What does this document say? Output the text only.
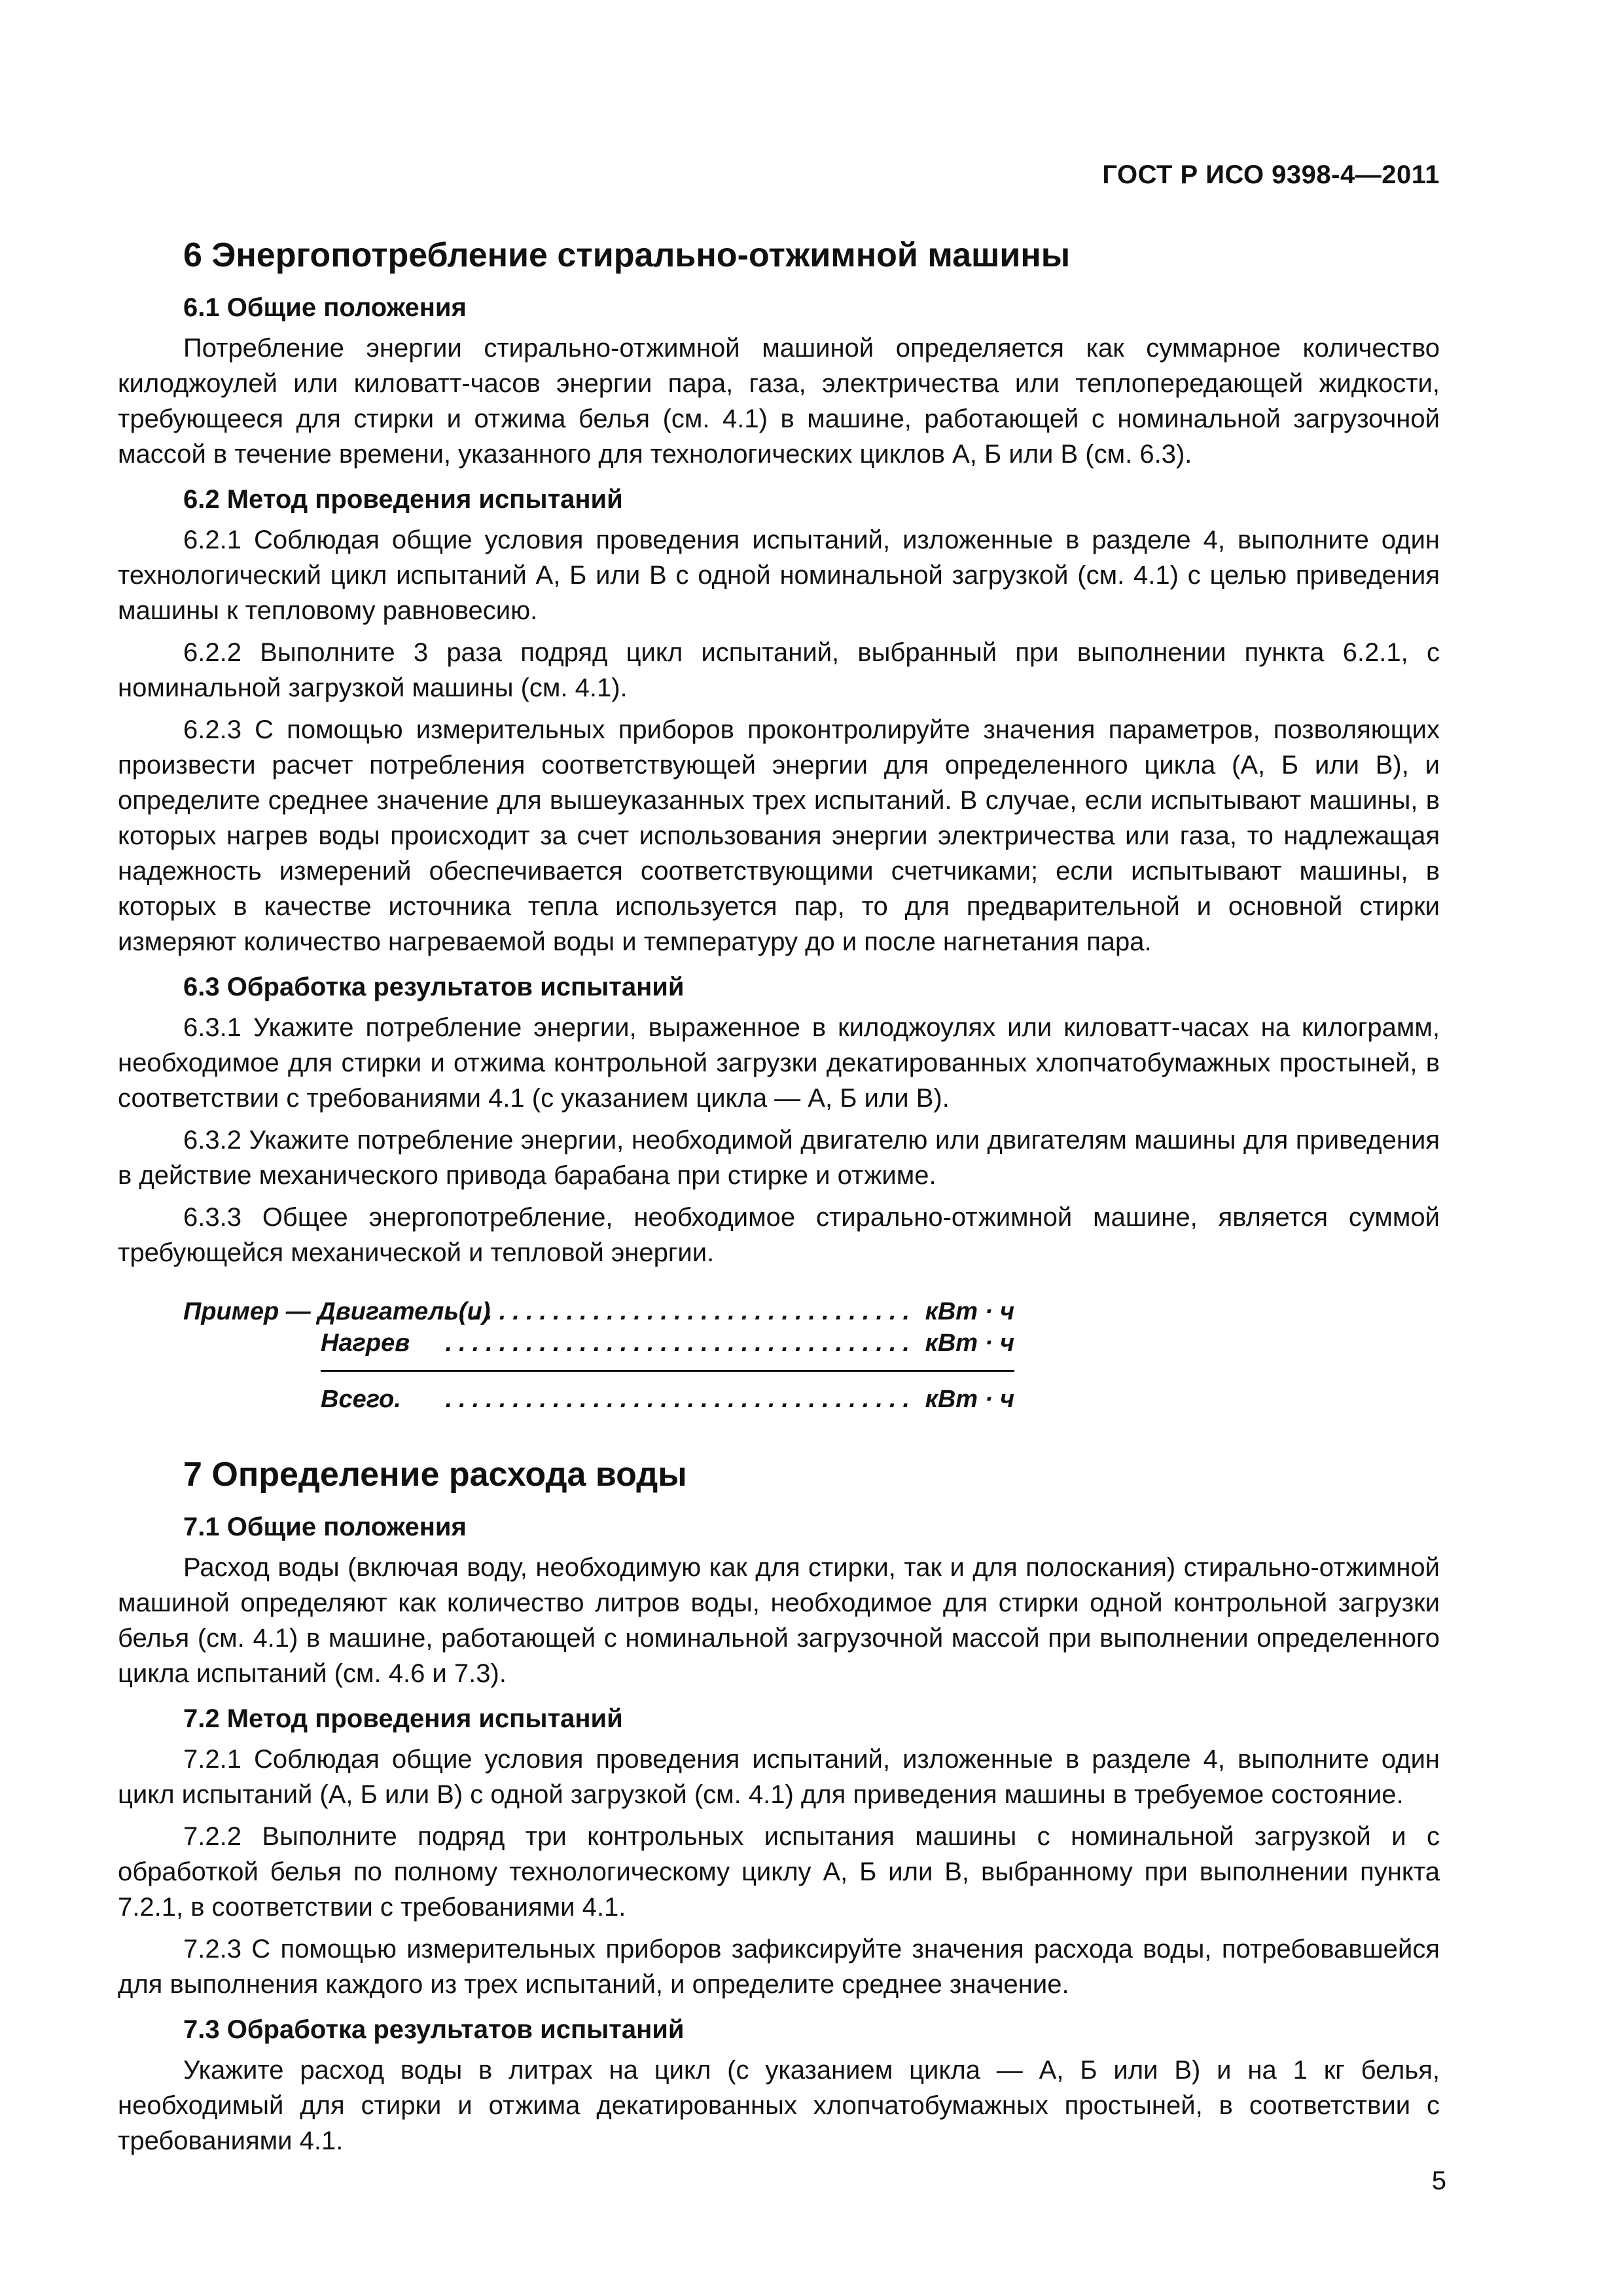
ГОСТ Р ИСО 9398-4—2011
6 Энергопотребление стирально-отжимной машины
6.1 Общие положения

Потребление энергии стирально-отжимной машиной определяется как суммарное количество килоджоулей или киловатт-часов энергии пара, газа, электричества или теплопередающей жидкости, требующееся для стирки и отжима белья (см. 4.1) в машине, работающей с номинальной загрузочной массой в течение времени, указанного для технологических циклов А, Б или В (см. 6.3).

6.2 Метод проведения испытаний

6.2.1 Соблюдая общие условия проведения испытаний, изложенные в разделе 4, выполните один технологический цикл испытаний А, Б или В с одной номинальной загрузкой (см. 4.1) с целью приведения машины к тепловому равновесию.

6.2.2 Выполните 3 раза подряд цикл испытаний, выбранный при выполнении пункта 6.2.1, с номинальной загрузкой машины (см. 4.1).

6.2.3 С помощью измерительных приборов проконтролируйте значения параметров, позволяющих произвести расчет потребления соответствующей энергии для определенного цикла (А, Б или В), и определите среднее значение для вышеуказанных трех испытаний. В случае, если испытывают машины, в которых нагрев воды происходит за счет использования энергии электричества или газа, то надлежащая надежность измерений обеспечивается соответствующими счетчиками; если испытывают машины, в которых в качестве источника тепла используется пар, то для предварительной и основной стирки измеряют количество нагреваемой воды и температуру до и после нагнетания пара.

6.3 Обработка результатов испытаний

6.3.1 Укажите потребление энергии, выраженное в килоджоулях или киловатт-часах на килограмм, необходимое для стирки и отжима контрольной загрузки декатированных хлопчатобумажных простыней, в соответствии с требованиями 4.1 (с указанием цикла — А, Б или В).

6.3.2 Укажите потребление энергии, необходимой двигателю или двигателям машины для приведения в действие механического привода барабана при стирке и отжиме.

6.3.3 Общее энергопотребление, необходимое стирально-отжимной машине, является суммой требующейся механической и тепловой энергии.

...................................
Пример — Двигатель(и)	кВт · ч
...................................
Нагрев	кВт · ч
...................................
Всего.	кВт · ч
7 Определение расхода воды
7.1 Общие положения

Расход воды (включая воду, необходимую как для стирки, так и для полоскания) стирально-отжимной машиной определяют как количество литров воды, необходимое для стирки одной контрольной загрузки белья (см. 4.1) в машине, работающей с номинальной загрузочной массой при выполнении определенного цикла испытаний (см. 4.6 и 7.3).

7.2 Метод проведения испытаний

7.2.1 Соблюдая общие условия проведения испытаний, изложенные в разделе 4, выполните один цикл испытаний (А, Б или В) с одной загрузкой (см. 4.1) для приведения машины в требуемое состояние.

7.2.2 Выполните подряд три контрольных испытания машины с номинальной загрузкой и с обработкой белья по полному технологическому циклу А, Б или В, выбранному при выполнении пункта 7.2.1, в соответствии с требованиями 4.1.

7.2.3 С помощью измерительных приборов зафиксируйте значения расхода воды, потребовавшейся для выполнения каждого из трех испытаний, и определите среднее значение.

7.3 Обработка результатов испытаний

Укажите расход воды в литрах на цикл (с указанием цикла — А, Б или В) и на 1 кг белья, необходимый для стирки и отжима декатированных хлопчатобумажных простыней, в соответствии с требованиями 4.1.

5
